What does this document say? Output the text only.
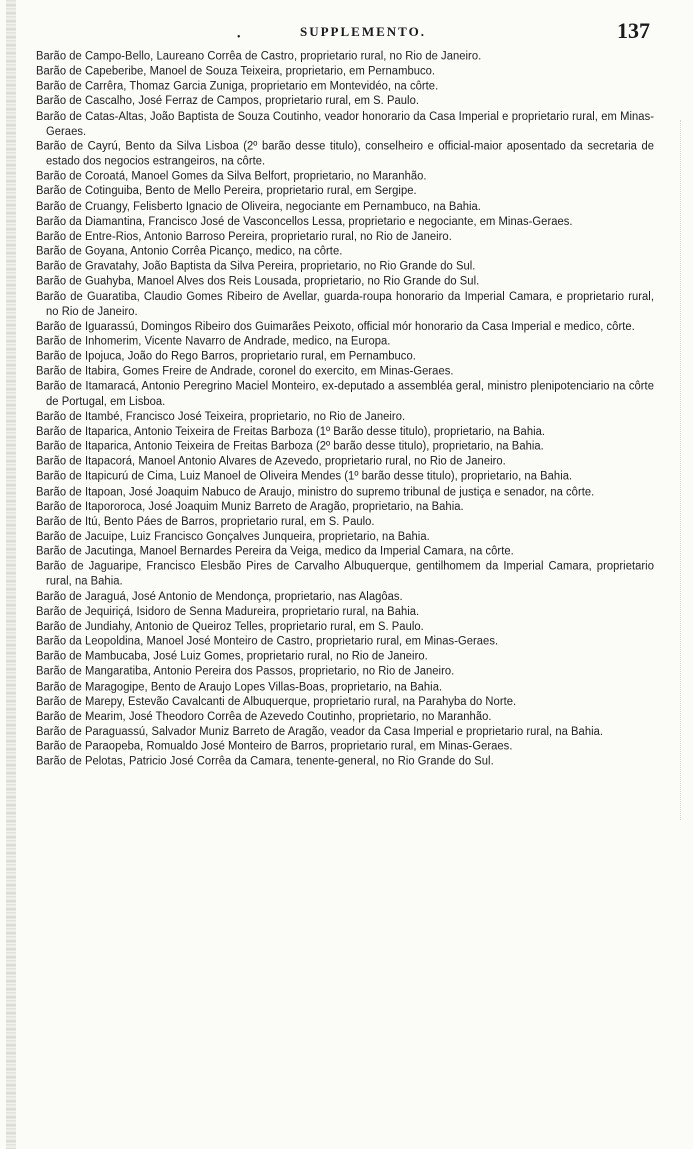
•	SUPPLEMENTO.	137

Barão de Campo-Bello, Laureano Corrêa de Castro, proprietario rural, no Rio de Janeiro.

Barão de Capeberibe, Manoel de Souza Teixeira, proprietario, em Pernambuco.

Barão de Carrêra, Thomaz Garcia Zuniga, proprietario em Montevidéo, na côrte.

Barão de Cascalho, José Ferraz de Campos, proprietario rural, em S. Paulo.

Barão de Catas-Altas, João Baptista de Souza Coutinho, veador honorario da Casa Imperial e proprietario rural, em Minas-Geraes.

Barão de Cayrú, Bento da Silva Lisboa (2º barão desse titulo), conselheiro e official-maior aposentado da secretaria de estado dos negocios estrangeiros, na côrte.

Barão de Coroatá, Manoel Gomes da Silva Belfort, proprietario, no Maranhão.

Barão de Cotinguiba, Bento de Mello Pereira, proprietario rural, em Sergipe.

Barão de Cruangy, Felisberto Ignacio de Oliveira, negociante em Pernambuco, na Bahia.

Barão da Diamantina, Francisco José de Vasconcellos Lessa, proprietario e negociante, em Minas-Geraes.

Barão de Entre-Rios, Antonio Barroso Pereira, proprietario rural, no Rio de Janeiro.

Barão de Goyana, Antonio Corrêa Picanço, medico, na côrte.

Barão de Gravatahy, João Baptista da Silva Pereira, proprietario, no Rio Grande do Sul.

Barão de Guahyba, Manoel Alves dos Reis Lousada, proprietario, no Rio Grande do Sul.

Barão de Guaratiba, Claudio Gomes Ribeiro de Avellar, guarda-roupa honorario da Imperial Camara, e proprietario rural, no Rio de Janeiro.

Barão de Iguarassú, Domingos Ribeiro dos Guimarães Peixoto, official mór honorario da Casa Imperial e medico, côrte.

Barão de Inhomerim, Vicente Navarro de Andrade, medico, na Europa.

Barão de Ipojuca, João do Rego Barros, proprietario rural, em Pernambuco.

Barão de Itabira, Gomes Freire de Andrade, coronel do exercito, em Minas-Geraes.

Barão de Itamaracá, Antonio Peregrino Maciel Monteiro, ex-deputado a assembléa geral, ministro plenipotenciario na côrte de Portugal, em Lisboa.

Barão de Itambé, Francisco José Teixeira, proprietario, no Rio de Janeiro.

Barão de Itaparica, Antonio Teixeira de Freitas Barboza (1º Barão desse titulo), proprietario, na Bahia.

Barão de Itaparica, Antonio Teixeira de Freitas Barboza (2º barão desse titulo), proprietario, na Bahia.

Barão de Itapacorá, Manoel Antonio Alvares de Azevedo, proprietario rural, no Rio de Janeiro.

Barão de Itapicurú de Cima, Luiz Manoel de Oliveira Mendes (1º barão desse titulo), proprietario, na Bahia.

Barão de Itapoan, José Joaquim Nabuco de Araujo, ministro do supremo tribunal de justiça e senador, na côrte.

Barão de Itapororoca, José Joaquim Muniz Barreto de Aragão, proprietario, na Bahia.

Barão de Itú, Bento Páes de Barros, proprietario rural, em S. Paulo.

Barão de Jacuipe, Luiz Francisco Gonçalves Junqueira, proprietario, na Bahia.

Barão de Jacutinga, Manoel Bernardes Pereira da Veiga, medico da Imperial Camara, na côrte.

Barão de Jaguaripe, Francisco Elesbão Pires de Carvalho Albuquerque, gentilhomem da Imperial Camara, proprietario rural, na Bahia.

Barão de Jaraguá, José Antonio de Mendonça, proprietario, nas Alagôas.

Barão de Jequiriçá, Isidoro de Senna Madureira, proprietario rural, na Bahia.

Barão de Jundiahy, Antonio de Queiroz Telles, proprietario rural, em S. Paulo.

Barão da Leopoldina, Manoel José Monteiro de Castro, proprietario rural, em Minas-Geraes.

Barão de Mambucaba, José Luiz Gomes, proprietario rural, no Rio de Janeiro.

Barão de Mangaratiba, Antonio Pereira dos Passos, proprietario, no Rio de Janeiro.

Barão de Maragogipe, Bento de Araujo Lopes Villas-Boas, proprietario, na Bahia.

Barão de Marepy, Estevão Cavalcanti de Albuquerque, proprietario rural, na Parahyba do Norte.

Barão de Mearim, José Theodoro Corrêa de Azevedo Coutinho, proprietario, no Maranhão.

Barão de Paraguassú, Salvador Muniz Barreto de Aragão, veador da Casa Imperial e proprietario rural, na Bahia.

Barão de Paraopeba, Romualdo José Monteiro de Barros, proprietario rural, em Minas-Geraes.

Barão de Pelotas, Patricio José Corrêa da Camara, tenente-general, no Rio Grande do Sul.
